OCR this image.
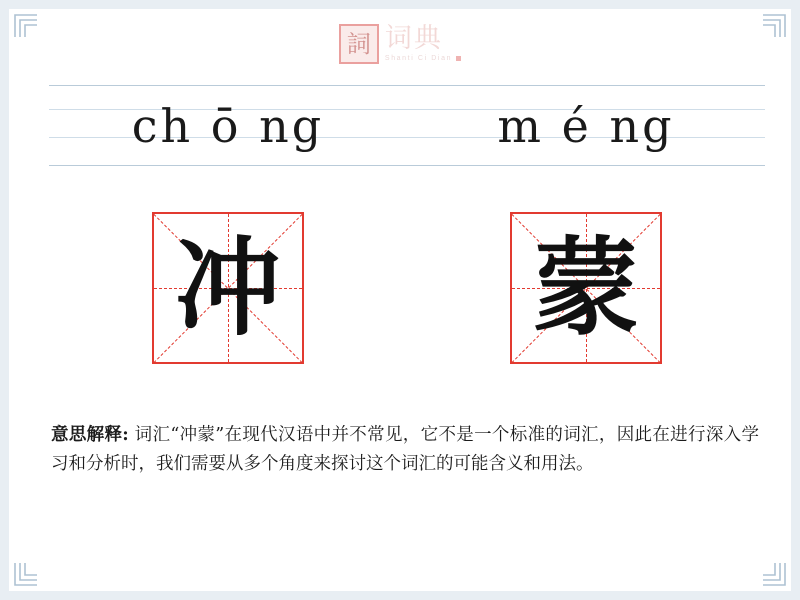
詞 词典
Shanti Ci Dian
ch ō ng	m é ng
冲 蒙
意思解释: 词汇“冲蒙”在现代汉语中并不常见，它不是一个标准的词汇，因此在进行深入学习和分析时，我们需要从多个角度来探讨这个词汇的可能含义和用法。
